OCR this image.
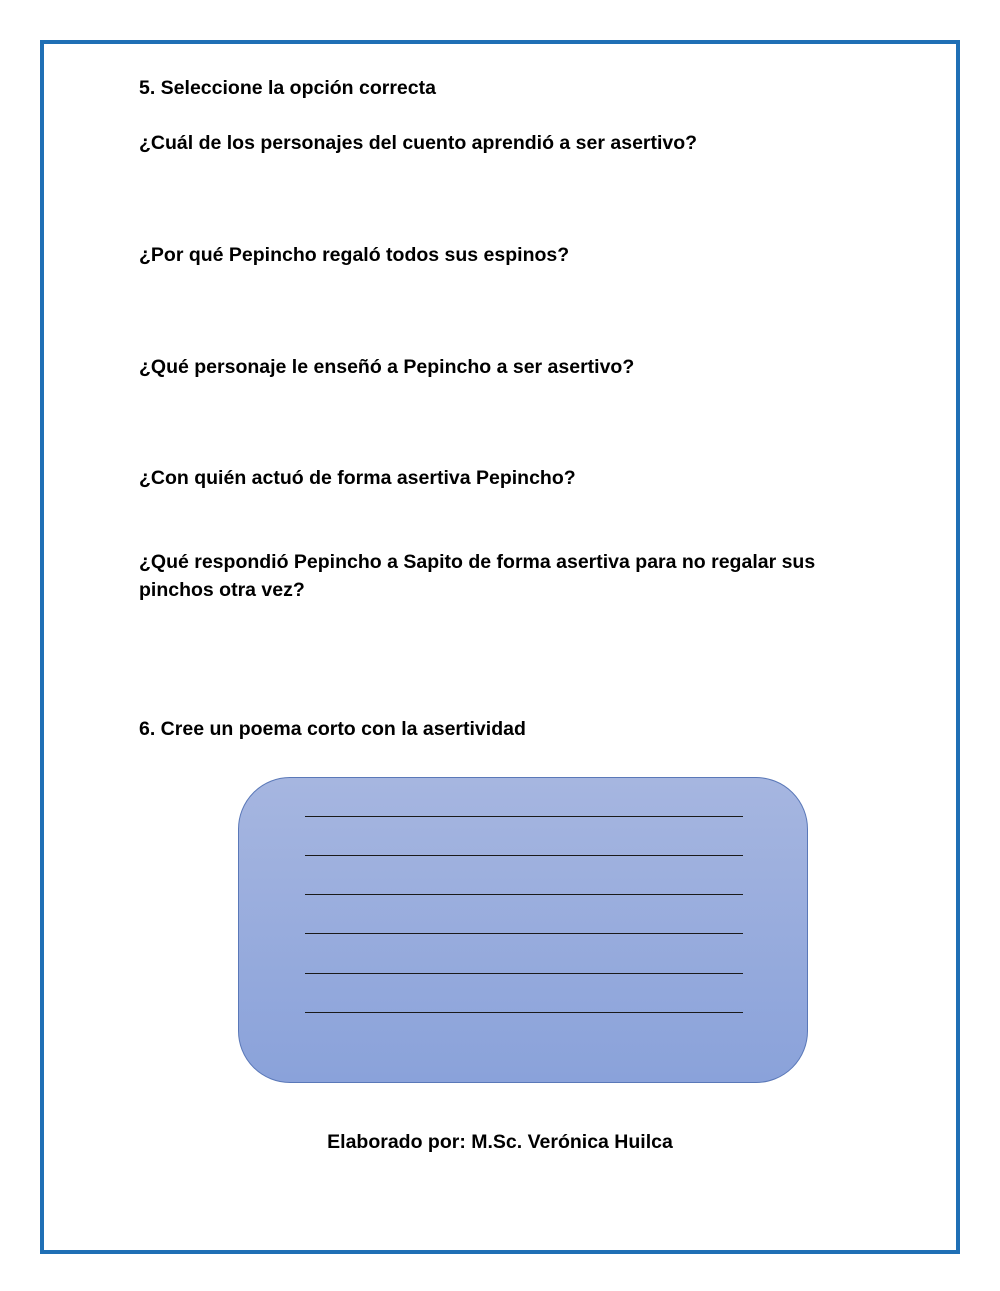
5. Seleccione la opción correcta
¿Cuál de los personajes del cuento aprendió a ser asertivo?
¿Por qué Pepincho regaló todos sus espinos?
¿Qué personaje le enseñó a Pepincho a ser asertivo?
¿Con quién actuó de forma asertiva Pepincho?
¿Qué respondió Pepincho a Sapito de forma asertiva para no regalar sus pinchos otra vez?
6. Cree un poema corto con la asertividad
Elaborado por: M.Sc. Verónica Huilca
